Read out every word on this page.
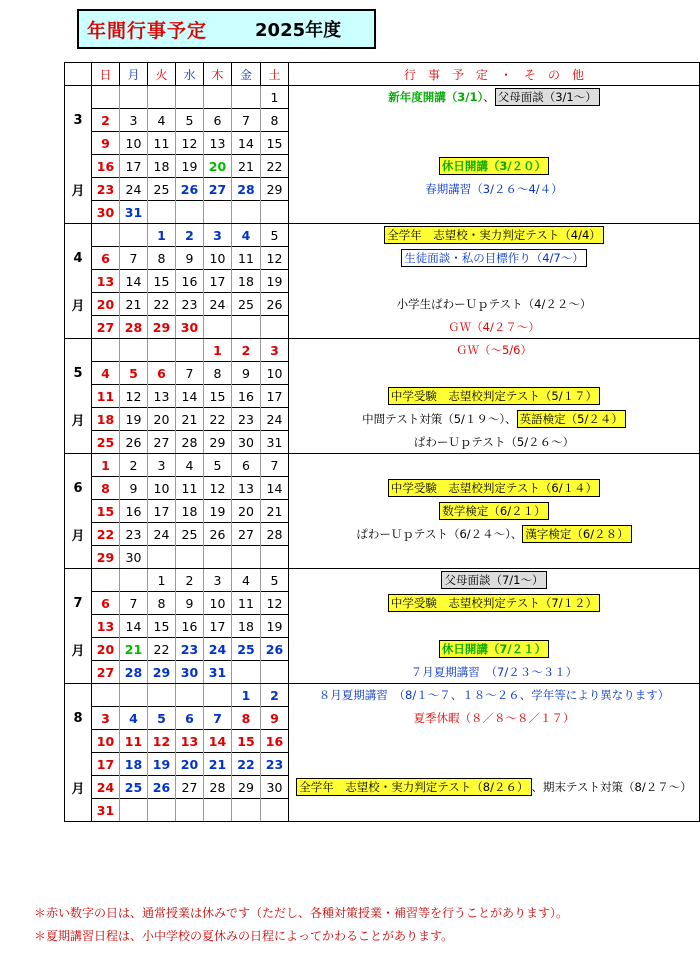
年間行事予定	2025年度
	日	月	火	水	木	金	土	行　事　予　定　・　そ　の　他
							1	新年度開講（3/1）、 父母面談（3/1～）
3	2	3	4	5	6	7	8	
	9	10	11	12	13	14	15	
	16	17	18	19	20	21	22	休日開講（3/２０）
月	23	24	25	26	27	28	29	春期講習（3/２６～4/４）
	30	31						
			1	2	3	4	5	全学年　志望校・実力判定テスト（4/4）
4	6	7	8	9	10	11	12	生徒面談・私の目標作り（4/7～）
	13	14	15	16	17	18	19	
月	20	21	22	23	24	25	26	小学生ぱわーＵｐテスト（4/２２～）
	27	28	29	30				ＧＷ（4/２７～）
					1	2	3	ＧＷ（～5/6）
5	4	5	6	7	8	9	10	
	11	12	13	14	15	16	17	中学受験　志望校判定テスト（5/１７）
月	18	19	20	21	22	23	24	中間テスト対策（5/１９～）、 英語検定（5/２４）
	25	26	27	28	29	30	31	ぱわーＵｐテスト（5/２６～）
	1	2	3	4	5	6	7	
6	8	9	10	11	12	13	14	中学受験　志望校判定テスト（6/１４）
	15	16	17	18	19	20	21	数学検定（6/２１）
月	22	23	24	25	26	27	28	ぱわーＵｐテスト（6/２４～）、 漢字検定（6/２８）
	29	30						
			1	2	3	4	5	父母面談（7/1～）
7	6	7	8	9	10	11	12	中学受験　志望校判定テスト（7/１２）
	13	14	15	16	17	18	19	
月	20	21	22	23	24	25	26	休日開講（7/２１）
	27	28	29	30	31			７月夏期講習　（7/２３～３１）
						1	2	８月夏期講習　（8/１～７、１８～２６、学年等により異なります）
8	3	4	5	6	7	8	9	夏季休暇（８／８～８／１７）
	10	11	12	13	14	15	16	
	17	18	19	20	21	22	23	
月	24	25	26	27	28	29	30	全学年　志望校・実力判定テスト（8/２６） 、期末テスト対策（8/２７～）
	31							
＊赤い数字の日は、通常授業は休みです（ただし、各種対策授業・補習等を行うことがあります）。
＊夏期講習日程は、小中学校の夏休みの日程によってかわることがあります。
